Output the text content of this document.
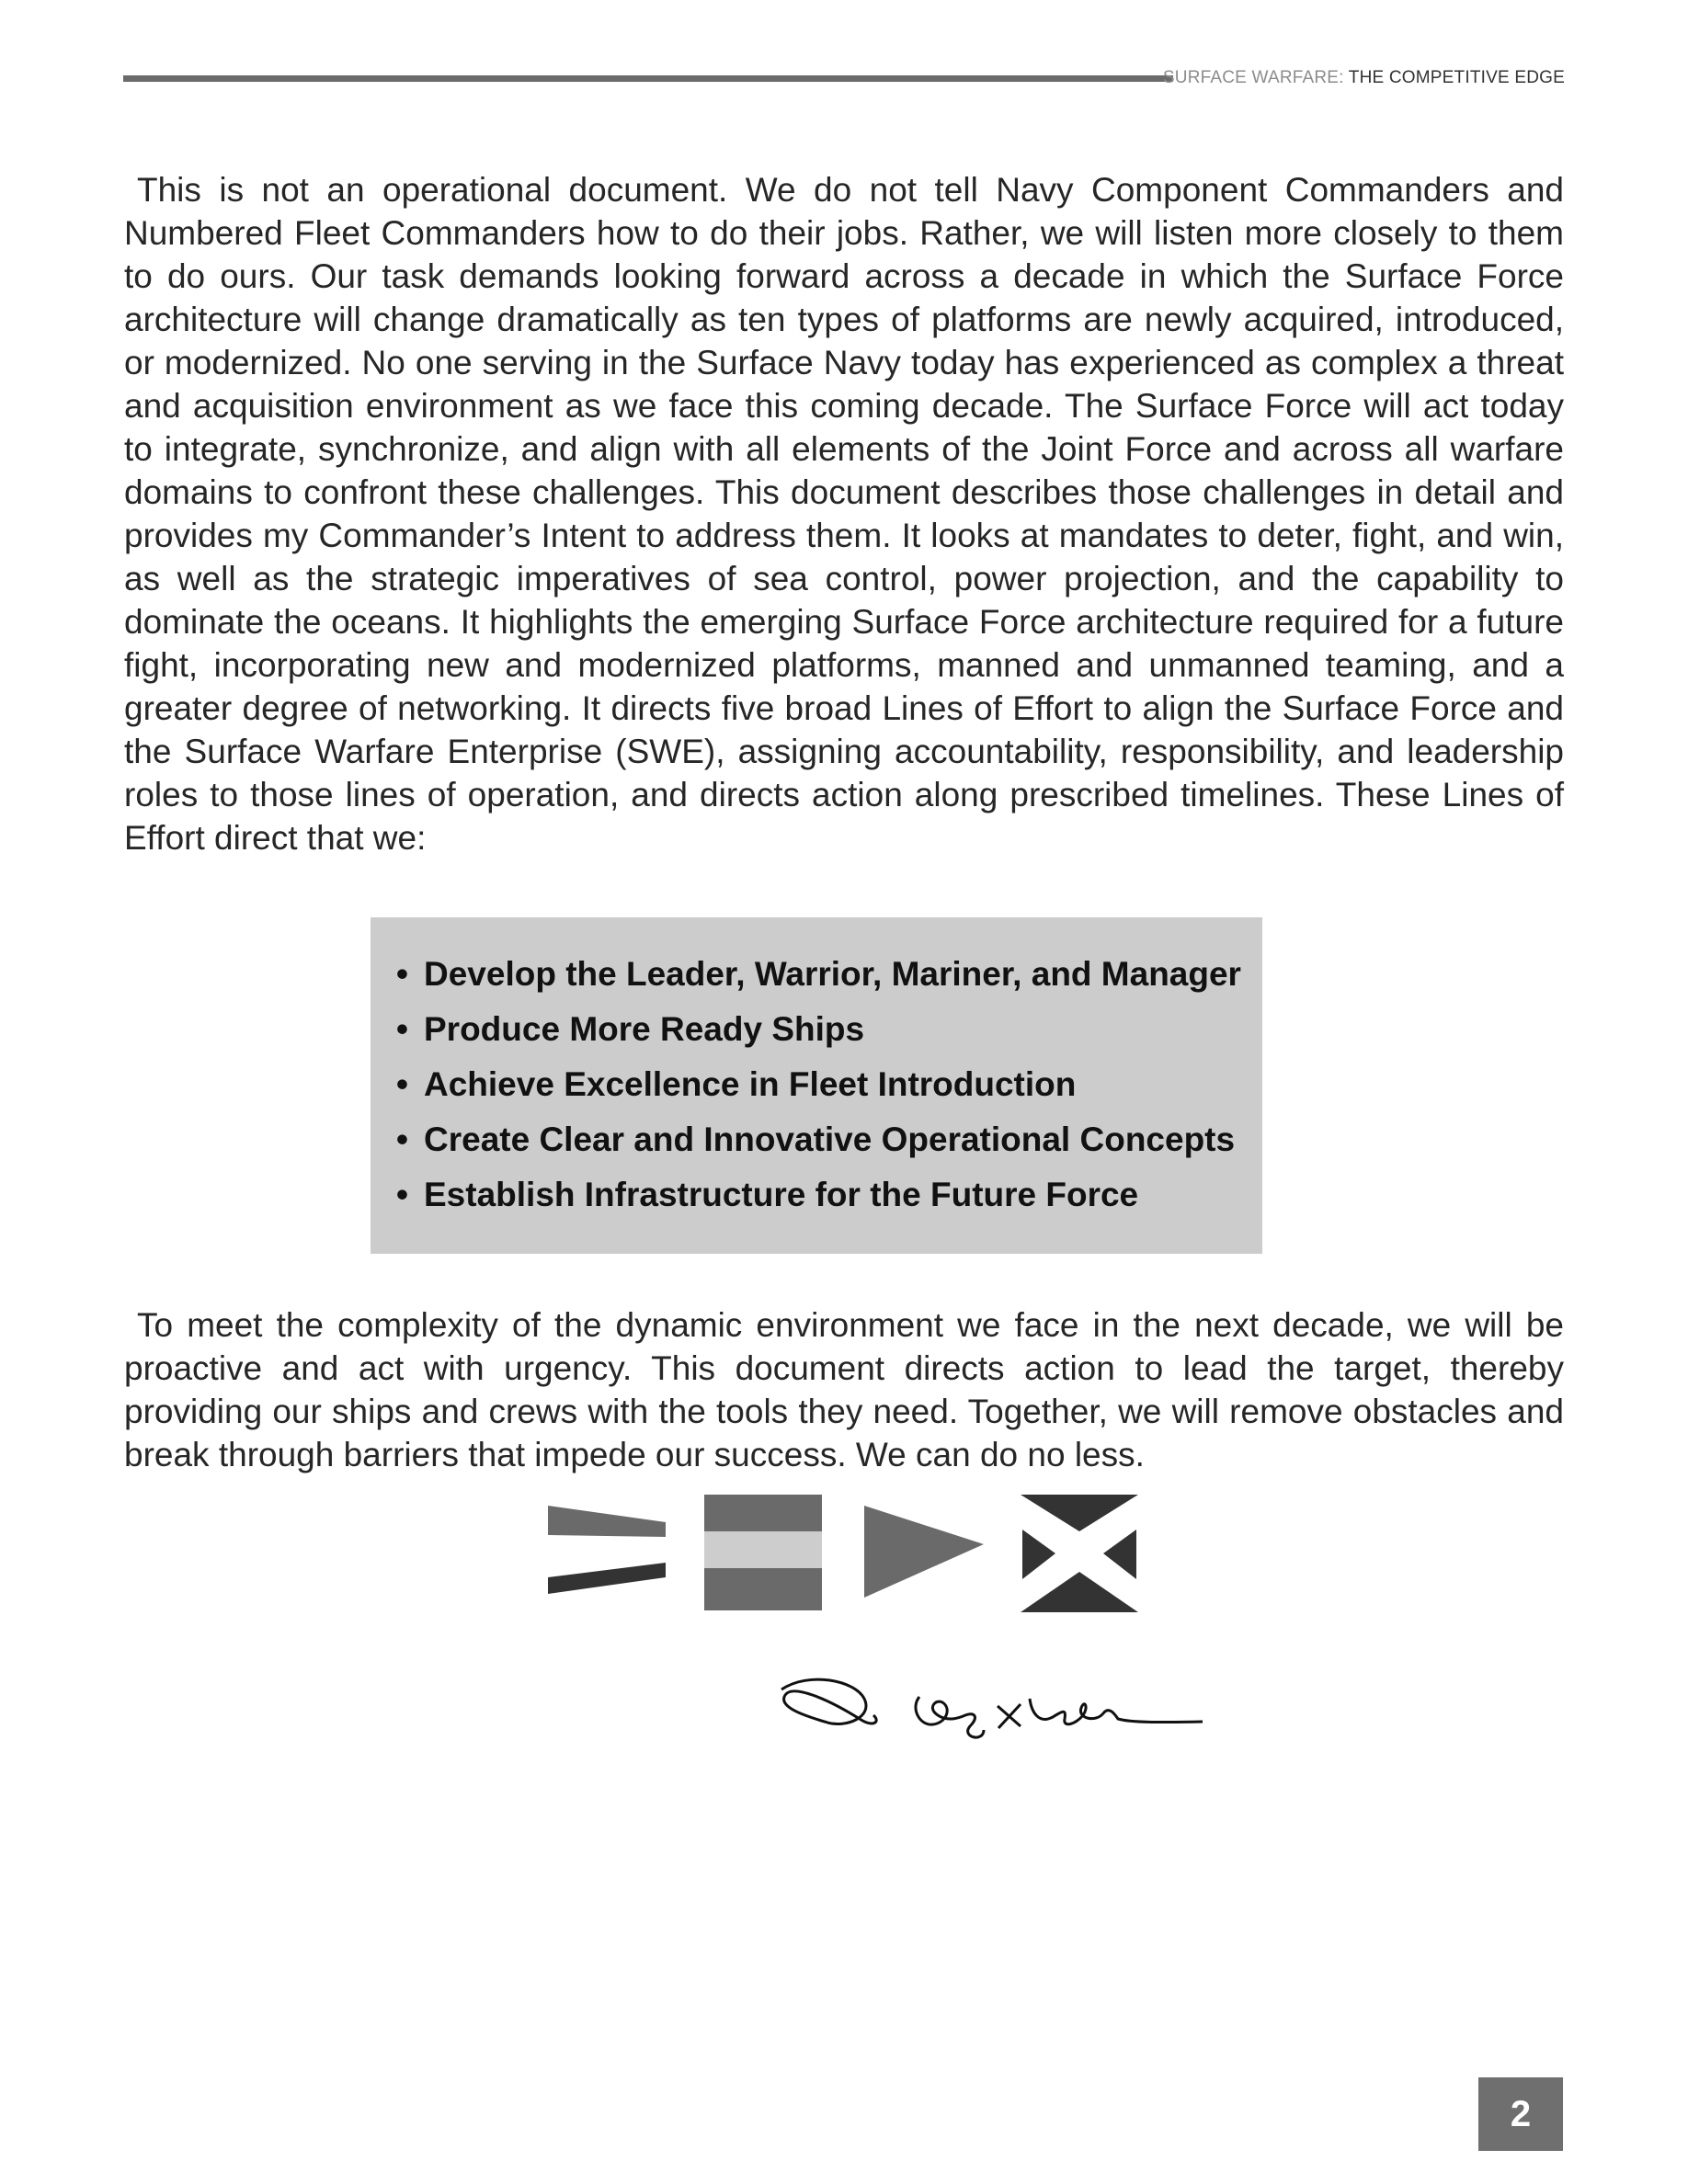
SURFACE WARFARE: THE COMPETITIVE EDGE

This is not an operational document. We do not tell Navy Component Commanders and Numbered Fleet Commanders how to do their jobs. Rather, we will listen more closely to them to do ours. Our task demands looking forward across a decade in which the Surface Force architecture will change dramatically as ten types of platforms are newly acquired, introduced, or modernized. No one serving in the Surface Navy today has experienced as complex a threat and acquisition environment as we face this coming decade. The Surface Force will act today to integrate, synchronize, and align with all elements of the Joint Force and across all warfare domains to confront these challenges. This document describes those challenges in detail and provides my Commander’s Intent to address them. It looks at mandates to deter, fight, and win, as well as the strategic imperatives of sea control, power projection, and the capability to dominate the oceans. It highlights the emerging Surface Force architecture required for a future fight, incorporating new and modernized platforms, manned and unmanned teaming, and a greater degree of networking. It directs five broad Lines of Effort to align the Surface Force and the Surface Warfare Enterprise (SWE), assigning accountability, responsibility, and leadership roles to those lines of operation, and directs action along prescribed timelines. These Lines of Effort direct that we:

• Develop the Leader, Warrior, Mariner, and Manager
• Produce More Ready Ships
• Achieve Excellence in Fleet Introduction
• Create Clear and Innovative Operational Concepts
• Establish Infrastructure for the Future Force

To meet the complexity of the dynamic environment we face in the next decade, we will be proactive and act with urgency. This document directs action to lead the target, thereby providing our ships and crews with the tools they need. Together, we will remove obstacles and break through barriers that impede our success. We can do no less.

2
